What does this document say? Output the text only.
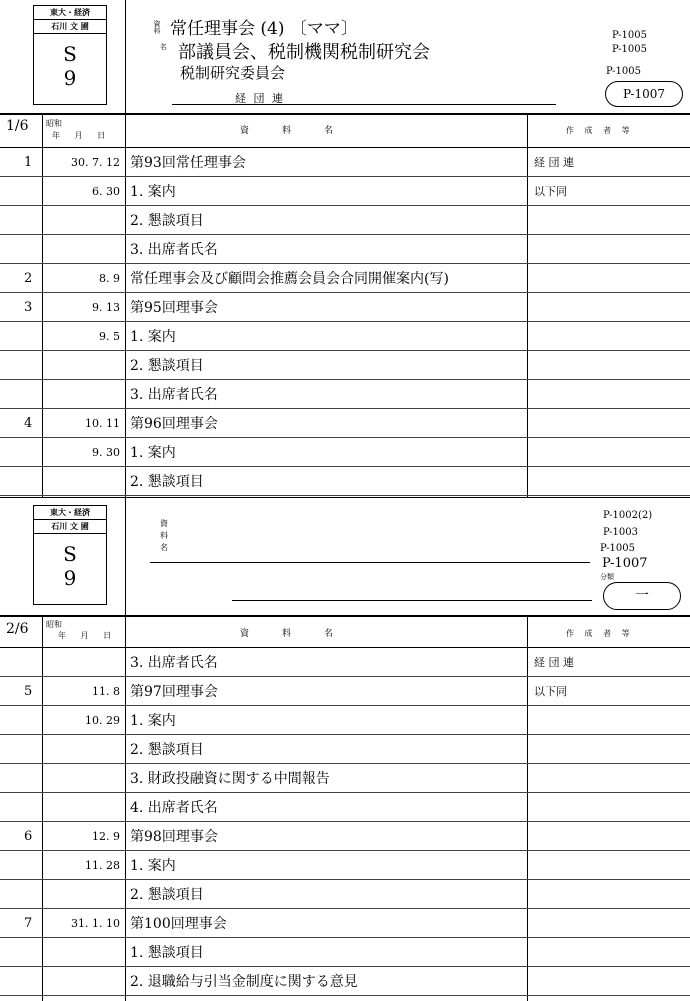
東大・経済
石川 文 圃
S
9
資料
名
常任理事会 (4) 〔ママ〕
部議員会、税制機関税制研究会
税制研究委員会
経 団 連
P-1005
P-1005
P-1005
P-1007
1/6 昭和
年 月 日	資　料　名	作 成 者 等
1	30. 7. 12 第93回常任理事会	経 団 連
6. 30 1. 案内	以下同
2. 懇談項目
3. 出席者氏名
2	8. 9 常任理事会及び顧問会推薦会員会合同開催案内(写)
3	9. 13 第95回理事会
9. 5 1. 案内
2. 懇談項目
3. 出席者氏名
4	10. 11 第96回理事会
9. 30 1. 案内
2. 懇談項目
東大・経済
石川 文 圃
S
9
資
料
名
P-1002(2)
P-1003
P-1005
P-1007
分類
一
2/6 昭和
年 月 日	資　料　名	作 成 者 等
3. 出席者氏名	経 団 連
5	11. 8 第97回理事会	以下同
10. 29 1. 案内
2. 懇談項目
3. 財政投融資に関する中間報告
4. 出席者氏名
6	12. 9 第98回理事会
11. 28 1. 案内
2. 懇談項目
7	31. 1. 10 第100回理事会
1. 懇談項目
2. 退職給与引当金制度に関する意見
